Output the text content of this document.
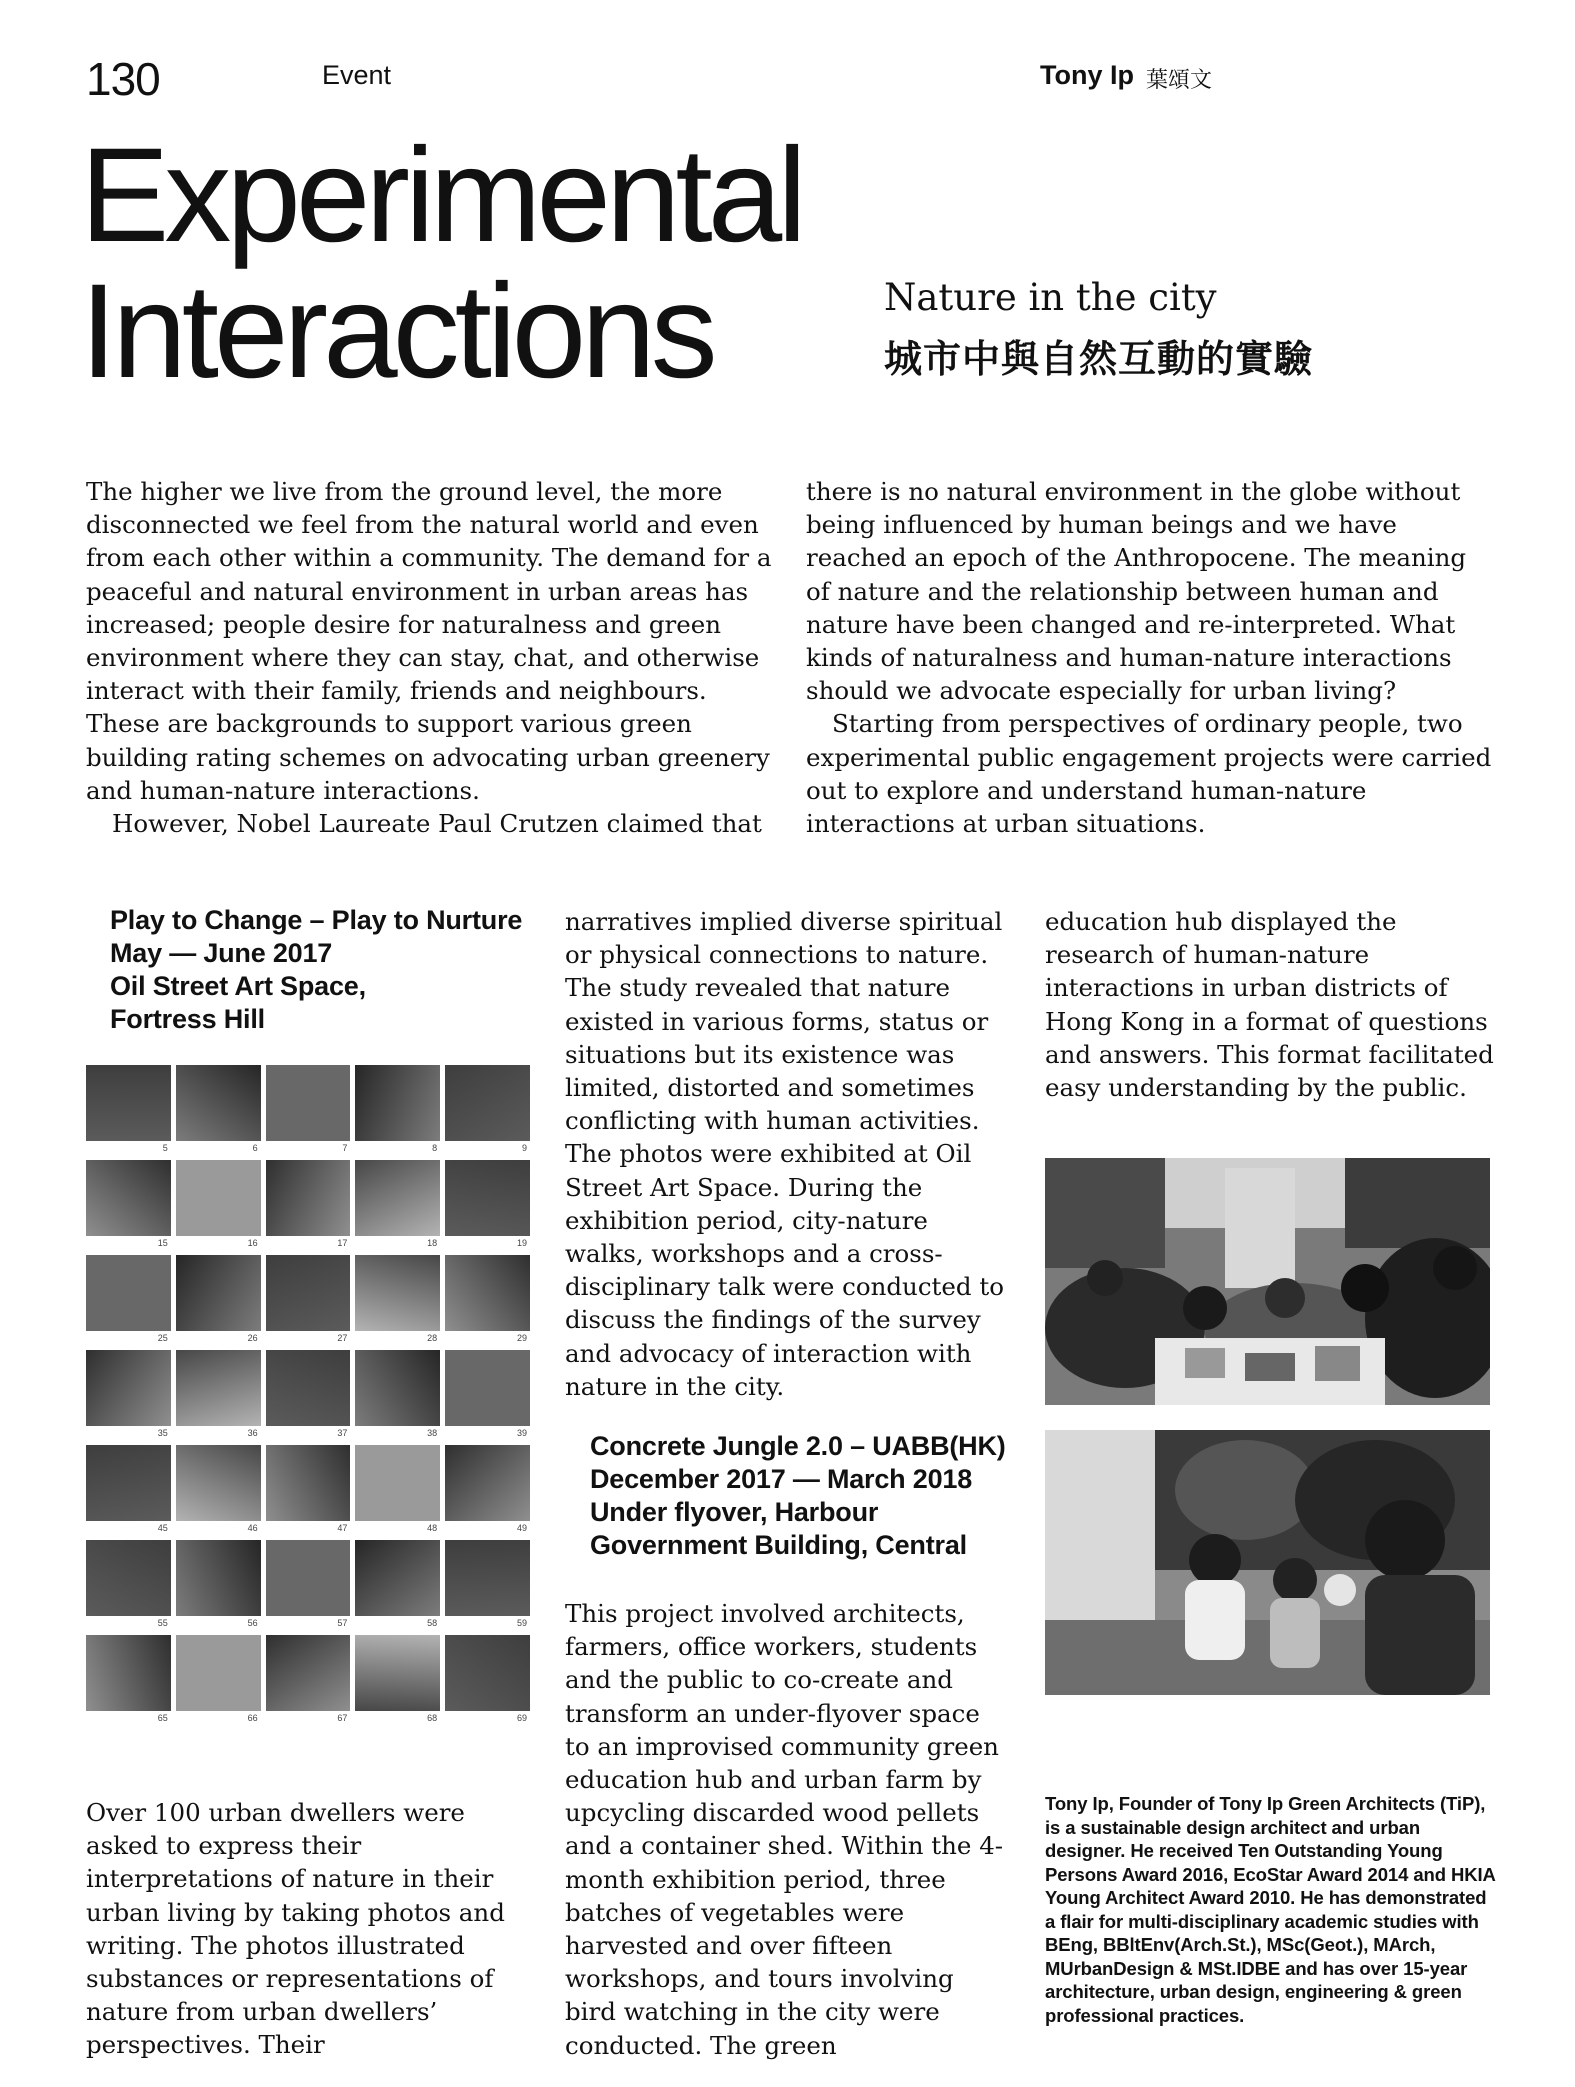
130	Event	Tony Ip 葉頌文
Experimental
Interactions	Nature in the city
城市中與自然互動的實驗

The higher we live from the ground level, the more disconnected we feel from the natural world and even from each other within a community. The demand for a peaceful and natural environment in urban areas has increased; people desire for naturalness and green environment where they can stay, chat, and otherwise interact with their family, friends and neighbours. These are backgrounds to support various green building rating schemes on advocating urban greenery and human-nature interactions.

However, Nobel Laureate Paul Crutzen claimed that

there is no natural environment in the globe without being influenced by human beings and we have reached an epoch of the Anthropocene. The meaning of nature and the relationship between human and nature have been changed and re-interpreted. What kinds of naturalness and human-nature interactions should we advocate especially for urban living?

Starting from perspectives of ordinary people, two experimental public engagement projects were carried out to explore and understand human-nature interactions at urban situations.

Play to Change – Play to Nurture
May — June 2017
Oil Street Art Space,
Fortress Hill
5	6	7	8	9
15	16	17	18	19
25	26	27	28	29
35	36	37	38	39
45	46	47	48	49
55	56	57	58	59
65	66	67	68	69

Over 100 urban dwellers were asked to express their interpretations of nature in their urban living by taking photos and writing. The photos illustrated substances or representations of nature from urban dwellers’ perspectives. Their

narratives implied diverse spiritual or physical connections to nature. The study revealed that nature existed in various forms, status or situations but its existence was limited, distorted and sometimes conflicting with human activities. The photos were exhibited at Oil Street Art Space. During the exhibition period, city-nature walks, workshops and a cross-disciplinary talk were conducted to discuss the findings of the survey and advocacy of interaction with nature in the city.

Concrete Jungle 2.0 – UABB(HK)
December 2017 — March 2018
Under flyover, Harbour
Government Building, Central

This project involved architects, farmers, office workers, students and the public to co-create and transform an under-flyover space to an improvised community green education hub and urban farm by upcycling discarded wood pellets and a container shed. Within the 4-month exhibition period, three batches of vegetables were harvested and over fifteen workshops, and tours involving bird watching in the city were conducted. The green

education hub displayed the research of human-nature interactions in urban districts of Hong Kong in a format of questions and answers. This format facilitated easy understanding by the public.

Tony Ip, Founder of Tony Ip Green Architects (TiP), is a sustainable design architect and urban designer. He received Ten Outstanding Young Persons Award 2016, EcoStar Award 2014 and HKIA Young Architect Award 2010. He has demonstrated a flair for multi-disciplinary academic studies with BEng, BBltEnv(Arch.St.), MSc(Geot.), MArch, MUrbanDesign & MSt.IDBE and has over 15-year architecture, urban design, engineering & green professional practices.
